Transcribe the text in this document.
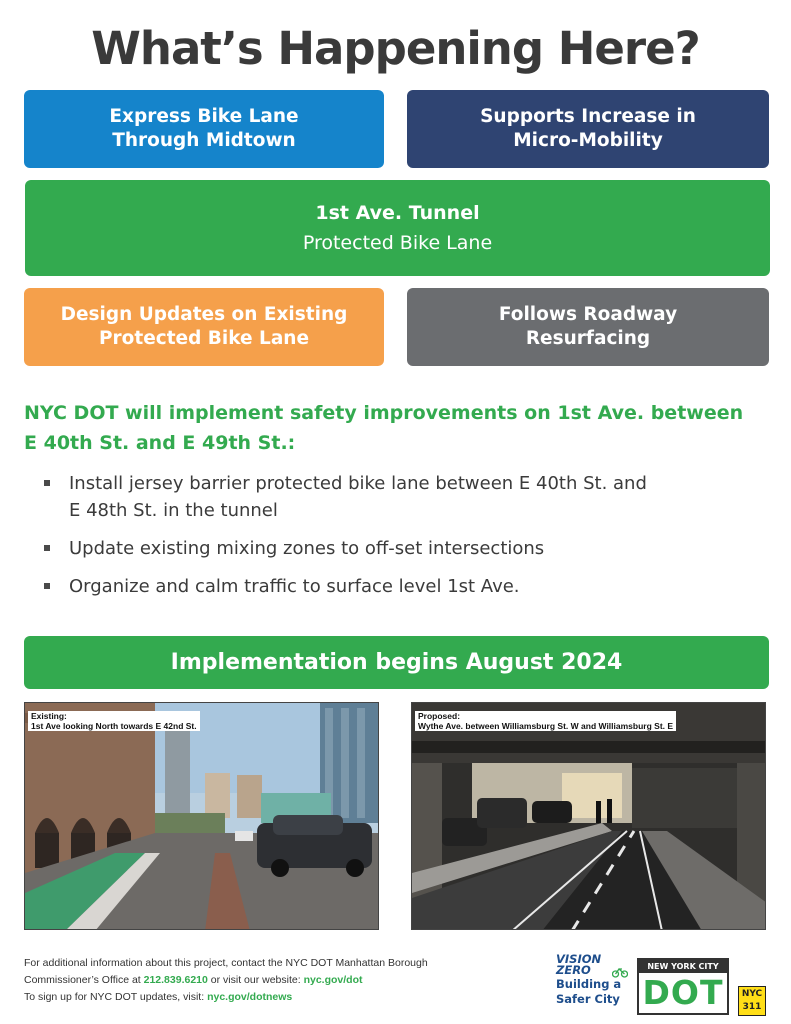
What’s Happening Here?
Express Bike Lane
Through Midtown
Supports Increase in
Micro-Mobility
1st Ave. Tunnel
Protected Bike Lane
Design Updates on Existing
Protected Bike Lane
Follows Roadway
Resurfacing
NYC DOT will implement safety improvements on 1st Ave. between
E 40th St. and E 49th St.:
Install jersey barrier protected bike lane between E 40th St. and
E 48th St. in the tunnel
Update existing mixing zones to off-set intersections
Organize and calm traffic to surface level 1st Ave.
Implementation begins August 2024
Existing:
1st Ave looking North towards E 42nd St.
Proposed:
Wythe Ave. between Williamsburg St. W and Williamsburg St. E
For additional information about this project, contact the NYC DOT Manhattan Borough
Commissioner’s Office at 212.839.6210 or visit our website: nyc.gov/dot
To sign up for NYC DOT updates, visit: nyc.gov/dotnews
VISION
ZERO
Building a
Safer City
NEW YORK CITY
DOT	NYC
311
